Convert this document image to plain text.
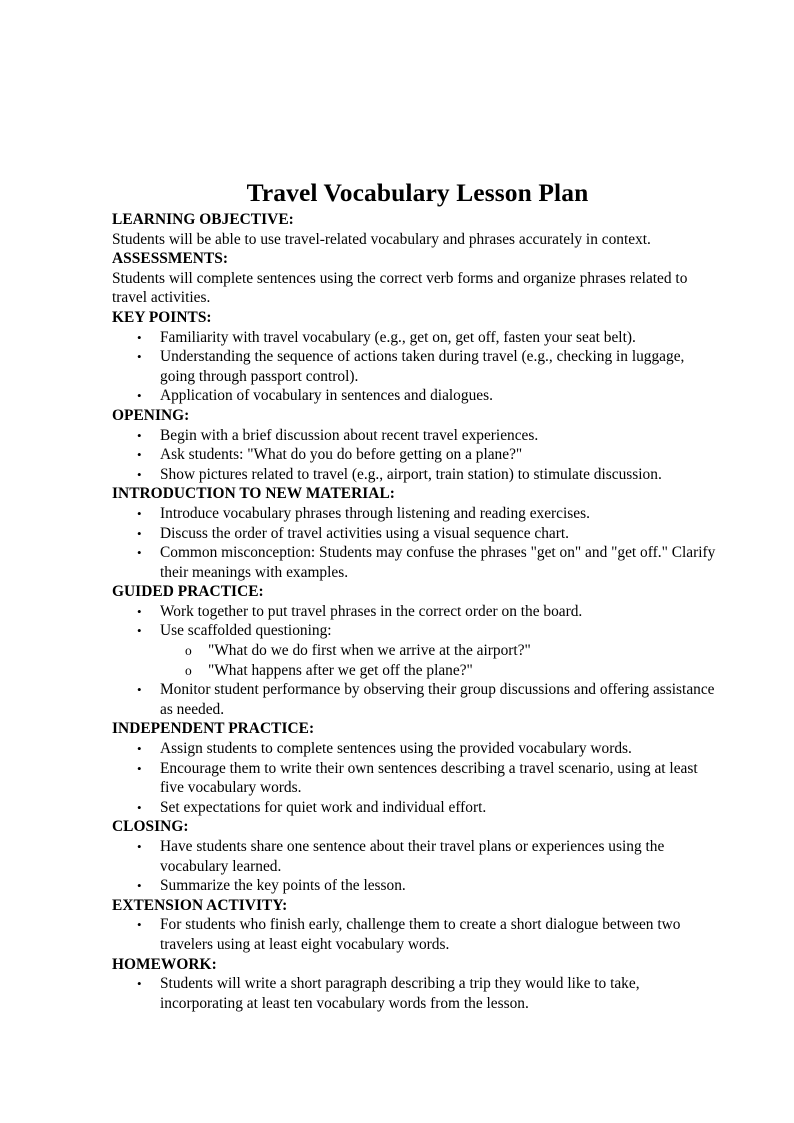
Travel Vocabulary Lesson Plan
LEARNING OBJECTIVE:
Students will be able to use travel-related vocabulary and phrases accurately in context.
ASSESSMENTS:
Students will complete sentences using the correct verb forms and organize phrases related to travel activities.
KEY POINTS:
• Familiarity with travel vocabulary (e.g., get on, get off, fasten your seat belt).
• Understanding the sequence of actions taken during travel (e.g., checking in luggage, going through passport control).
• Application of vocabulary in sentences and dialogues.
OPENING:
• Begin with a brief discussion about recent travel experiences.
• Ask students: "What do you do before getting on a plane?"
• Show pictures related to travel (e.g., airport, train station) to stimulate discussion.
INTRODUCTION TO NEW MATERIAL:
• Introduce vocabulary phrases through listening and reading exercises.
• Discuss the order of travel activities using a visual sequence chart.
• Common misconception: Students may confuse the phrases "get on" and "get off." Clarify their meanings with examples.
GUIDED PRACTICE:
• Work together to put travel phrases in the correct order on the board.
• Use scaffolded questioning:
o "What do we do first when we arrive at the airport?"
o "What happens after we get off the plane?"
• Monitor student performance by observing their group discussions and offering assistance as needed.
INDEPENDENT PRACTICE:
• Assign students to complete sentences using the provided vocabulary words.
• Encourage them to write their own sentences describing a travel scenario, using at least five vocabulary words.
• Set expectations for quiet work and individual effort.
CLOSING:
• Have students share one sentence about their travel plans or experiences using the vocabulary learned.
• Summarize the key points of the lesson.
EXTENSION ACTIVITY:
• For students who finish early, challenge them to create a short dialogue between two travelers using at least eight vocabulary words.
HOMEWORK:
• Students will write a short paragraph describing a trip they would like to take, incorporating at least ten vocabulary words from the lesson.
